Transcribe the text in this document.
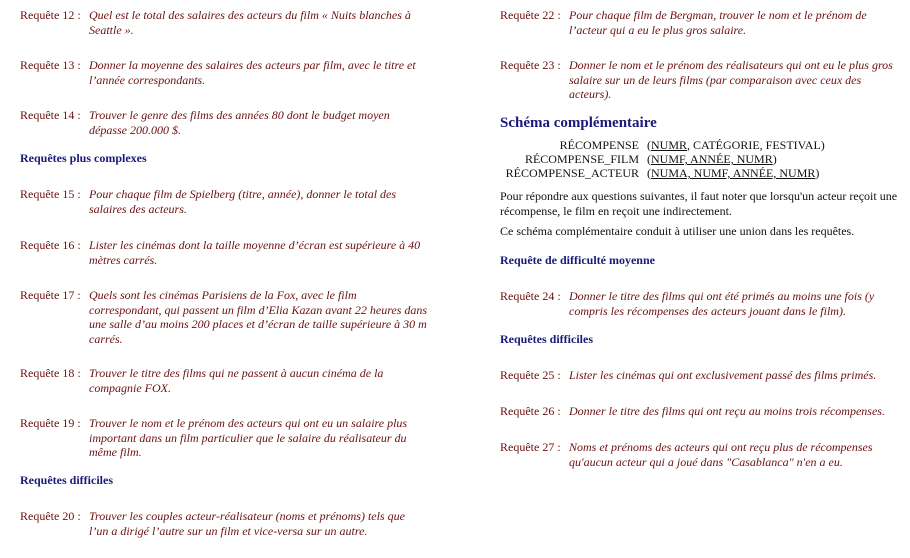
Requête 12 : Quel est le total des salaires des acteurs du film « Nuits blanches à Seattle ».
Requête 13 : Donner la moyenne des salaires des acteurs par film, avec le titre et l’année correspondants.
Requête 14 : Trouver le genre des films des années 80 dont le budget moyen dépasse 200.000 $.
Requêtes plus complexes
Requête 15 : Pour chaque film de Spielberg (titre, année), donner le total des salaires des acteurs.
Requête 16 : Lister les cinémas dont la taille moyenne d’écran est supérieure à 40 mètres carrés.
Requête 17 : Quels sont les cinémas Parisiens de la Fox, avec le film correspondant, qui passent un film d’Elia Kazan avant 22 heures dans une salle d’au moins 200 places et d’écran de taille supérieure à 30 m carrés.
Requête 18 : Trouver le titre des films qui ne passent à aucun cinéma de la compagnie FOX.
Requête 19 : Trouver le nom et le prénom des acteurs qui ont eu un salaire plus important dans un film particulier que le salaire du réalisateur du même film.
Requêtes difficiles
Requête 20 : Trouver les couples acteur-réalisateur (noms et prénoms) tels que l’un a dirigé l’autre sur un film et vice-versa sur un autre.
Requête 22 : Pour chaque film de Bergman, trouver le nom et le prénom de l’acteur qui a eu le plus gros salaire.
Requête 23 : Donner le nom et le prénom des réalisateurs qui ont eu le plus gros salaire sur un de leurs films (par comparaison avec ceux des acteurs).
Schéma complémentaire
RÉCOMPENSE (NUMR, CATÉGORIE, FESTIVAL)
RÉCOMPENSE_FILM (NUMF, ANNÉE, NUMR)
RÉCOMPENSE_ACTEUR (NUMA, NUMF, ANNÉE, NUMR)
Pour répondre aux questions suivantes, il faut noter que lorsqu'un acteur reçoit une récompense, le film en reçoit une indirectement.
Ce schéma complémentaire conduit à utiliser une union dans les requêtes.
Requête de difficulté moyenne
Requête 24 : Donner le titre des films qui ont été primés au moins une fois (y compris les récompenses des acteurs jouant dans le film).
Requêtes difficiles
Requête 25 : Lister les cinémas qui ont exclusivement passé des films primés.
Requête 26 : Donner le titre des films qui ont reçu au moins trois récompenses.
Requête 27 : Noms et prénoms des acteurs qui ont reçu plus de récompenses qu'aucun acteur qui a joué dans "Casablanca" n'en a eu.
